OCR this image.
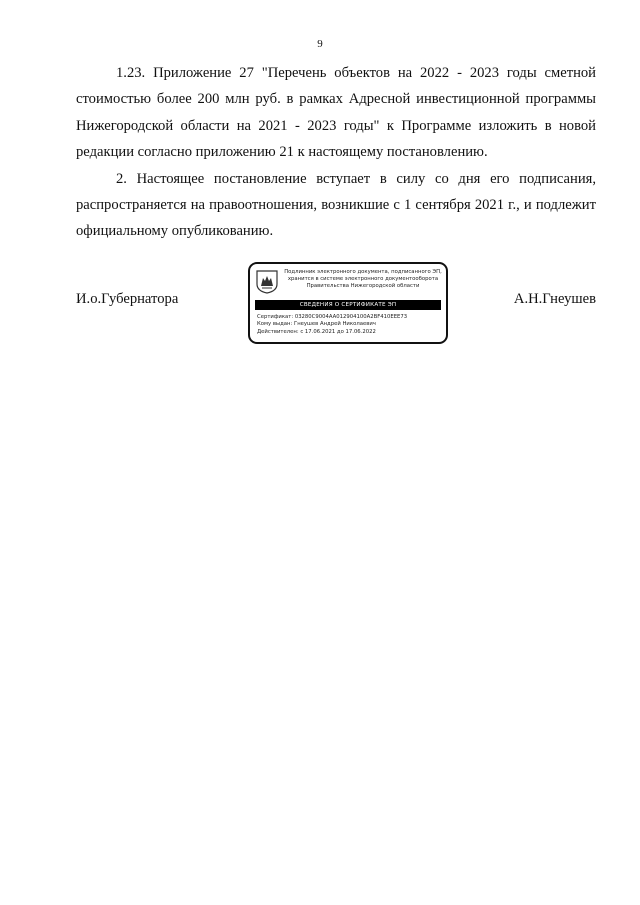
9

1.23. Приложение 27 "Перечень объектов на 2022 - 2023 годы сметной стоимостью более 200 млн руб. в рамках Адресной инвестиционной программы Нижегородской области на 2021 - 2023 годы" к Программе изложить в новой редакции согласно приложению 21 к настоящему постановлению.

2. Настоящее постановление вступает в силу со дня его подписания, распространяется на правоотношения, возникшие с 1 сентября 2021 г., и подлежит официальному опубликованию.

И.о.Губернатора
Подлинник электронного документа, подписанного ЭП,
хранится в системе электронного документооборота
Правительства Нижегородской области
СВЕДЕНИЯ О СЕРТИФИКАТЕ ЭП
Сертификат: 03280C9004AA012904100A2BF410EEE73
Кому выдан: Гнеушев Андрей Николаевич
Действителен: с 17.06.2021 до 17.06.2022
А.Н.Гнеушев
